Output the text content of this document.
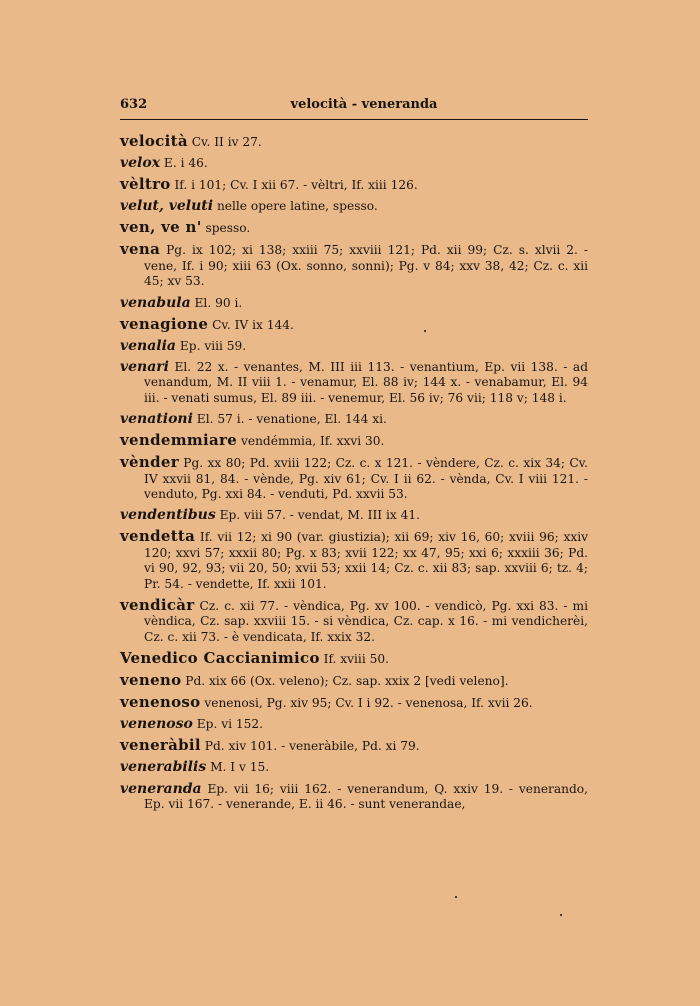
632	velocità - veneranda
velocità Cv. II iv 27.
velox E. i 46.
vèltro If. i 101; Cv. I xii 67. - vèltri, If. xiii 126.
velut, veluti nelle opere latine, spesso.
ven, ve n' spesso.
vena Pg. ix 102; xi 138; xxiii 75; xxviii 121; Pd. xii 99; Cz. s. xlvii 2. - vene, If. i 90; xiii 63 (Ox. sonno, sonni); Pg. v 84; xxv 38, 42; Cz. c. xii 45; xv 53.
venabula El. 90 i.
venagione Cv. IV ix 144.
venalia Ep. viii 59.
venari El. 22 x. - venantes, M. III iii 113. - venantium, Ep. vii 138. - ad venandum, M. II viii 1. - venamur, El. 88 iv; 144 x. - venabamur, El. 94 iii. - venati sumus, El. 89 iii. - venemur, El. 56 iv; 76 vii; 118 v; 148 i.
venationi El. 57 i. - venatione, El. 144 xi.
vendemmiare vendémmia, If. xxvi 30.
vènder Pg. xx 80; Pd. xviii 122; Cz. c. x 121. - vèndere, Cz. c. xix 34; Cv. IV xxvii 81, 84. - vènde, Pg. xiv 61; Cv. I ii 62. - vènda, Cv. I viii 121. - venduto, Pg. xxi 84. - venduti, Pd. xxvii 53.
vendentibus Ep. viii 57. - vendat, M. III ix 41.
vendetta If. vii 12; xi 90 (var. giustizia); xii 69; xiv 16, 60; xviii 96; xxiv 120; xxvi 57; xxxii 80; Pg. x 83; xvii 122; xx 47, 95; xxi 6; xxxiii 36; Pd. vi 90, 92, 93; vii 20, 50; xvii 53; xxii 14; Cz. c. xii 83; sap. xxviii 6; tz. 4; Pr. 54. - vendette, If. xxii 101.
vendicàr Cz. c. xii 77. - vèndica, Pg. xv 100. - vendicò, Pg. xxi 83. - mi vèndica, Cz. sap. xxviii 15. - si vèndica, Cz. cap. x 16. - mi vendicherèi, Cz. c. xii 73. - è vendicata, If. xxix 32.
Venedico Caccianimico If. xviii 50.
veneno Pd. xix 66 (Ox. veleno); Cz. sap. xxix 2 [vedi veleno].
venenoso venenosi, Pg. xiv 95; Cv. I i 92. - venenosa, If. xvii 26.
venenoso Ep. vi 152.
veneràbil Pd. xiv 101. - veneràbile, Pd. xi 79.
venerabilis M. I v 15.
veneranda Ep. vii 16; viii 162. - venerandum, Q. xxiv 19. - venerando, Ep. vii 167. - venerande, E. ii 46. - sunt venerandae,
